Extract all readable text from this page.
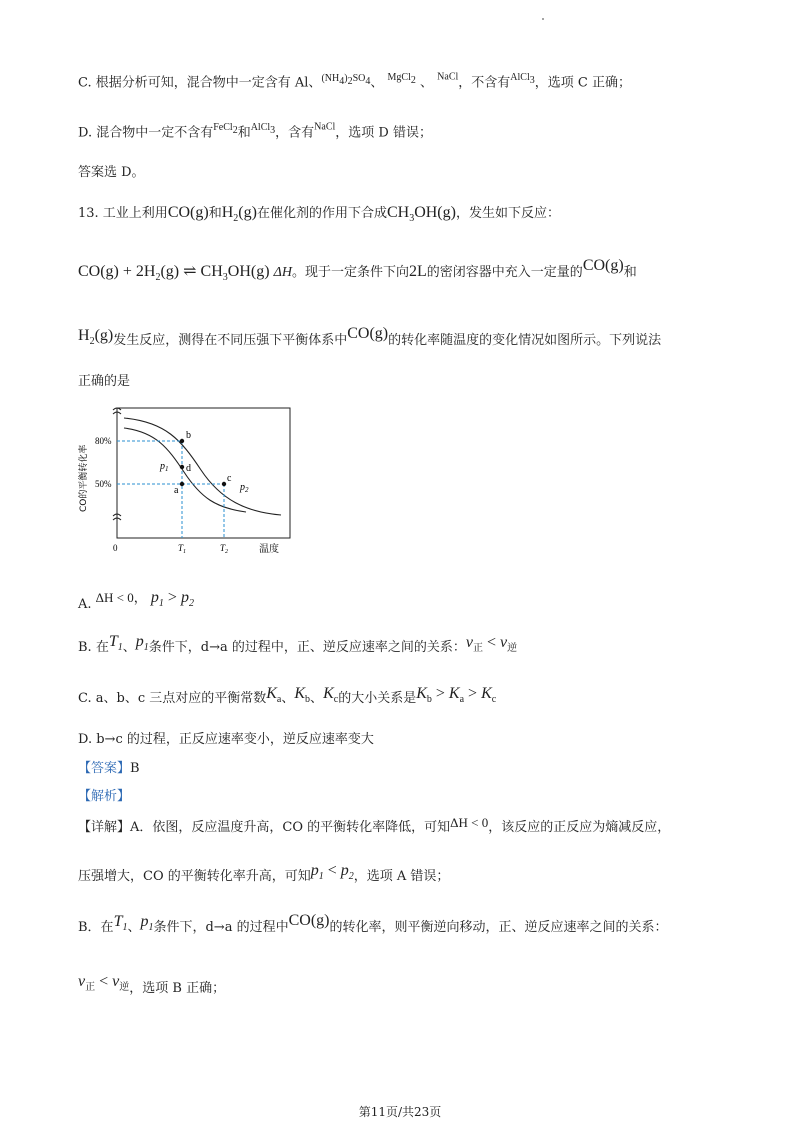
C. 根据分析可知，混合物中一定含有 Al、$^{(NH_4)_2SO_4}$、 $^{MgCl_2}$ 、 $^{NaCl}$，不含有$^{AlCl_3}$，选项 C 正确；
D. 混合物中一定不含有$^{FeCl_2}$和$^{AlCl_3}$，含有$^{NaCl}$，选项 D 错误；
答案选 D。
13. 工业上利用CO(g)和$H_2(g)$在催化剂的作用下合成$CH_3OH(g)$，发生如下反应：
$CO(g) + 2H_2(g)$ ⇌ $CH_3OH(g)$ ΔH。现于一定条件下向2L的密闭容器中充入一定量的CO(g)和
$H_2(g)$发生反应，测得在不同压强下平衡体系中CO(g)的转化率随温度的变化情况如图所示。下列说法
正确的是
b
d
a
c
$p_1$
$p_2$
80%
50%
0	$T_1$	$T_2$	温度
CO的平衡转化率
A. ΔH < 0， $p_1 > p_2$
B. 在$T_1$、$p_1$条件下，d→a 的过程中，正、逆反应速率之间的关系：$v_正 < v_逆$
C. a、b、c 三点对应的平衡常数$K_a$、$K_b$、$K_c$的大小关系是$K_b > K_a > K_c$
D. b→c 的过程，正反应速率变小，逆反应速率变大
【答案】B
【解析】
【详解】A．依图，反应温度升高，CO 的平衡转化率降低，可知ΔH < 0，该反应的正反应为熵减反应，
压强增大，CO 的平衡转化率升高，可知$p_1 < p_2$，选项 A 错误；
B．在$T_1$、$p_1$条件下，d→a 的过程中CO(g)的转化率，则平衡逆向移动，正、逆反应速率之间的关系：
$v_正 < v_逆$，选项 B 正确；
第11页/共23页
